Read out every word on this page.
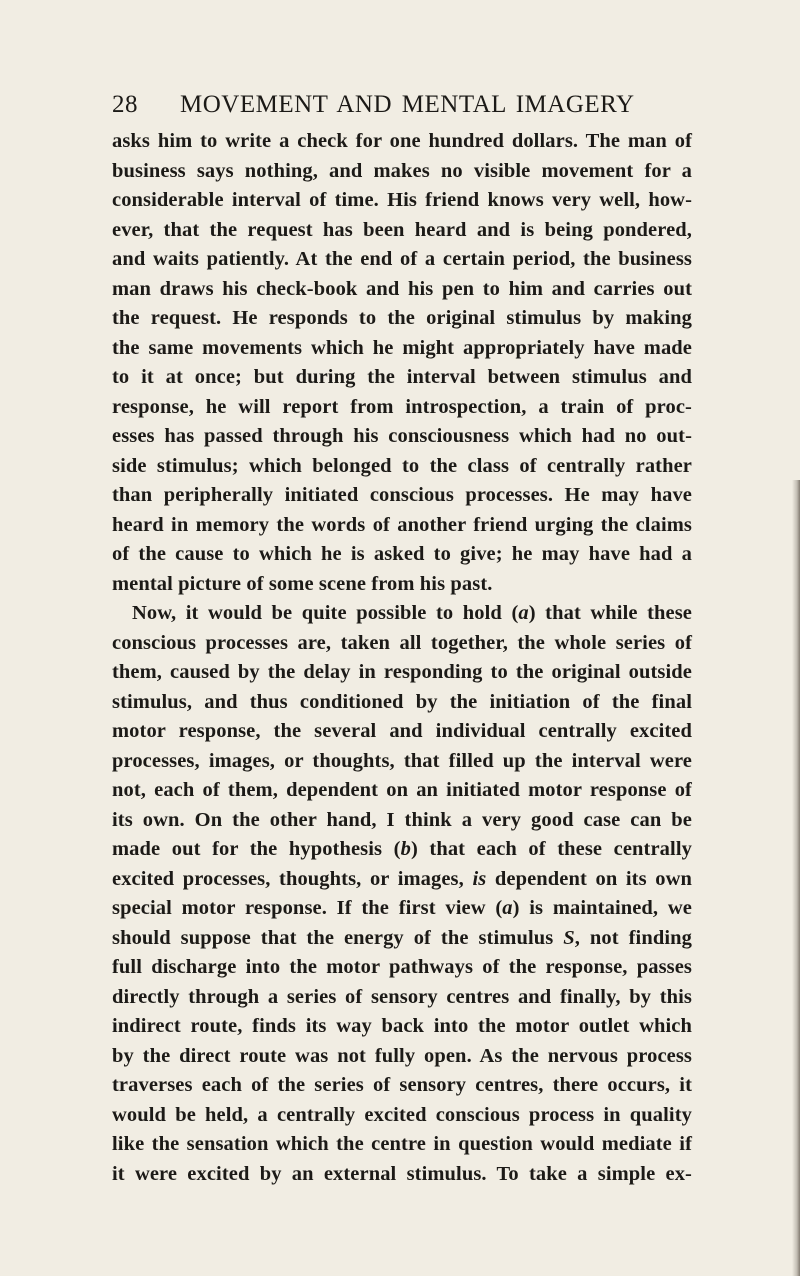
28 MOVEMENT AND MENTAL IMAGERY
asks him to write a check for one hundred dollars. The man of
business says nothing, and makes no visible movement for a
considerable interval of time. His friend knows very well, how-
ever, that the request has been heard and is being pondered,
and waits patiently. At the end of a certain period, the business
man draws his check-book and his pen to him and carries out
the request. He responds to the original stimulus by making
the same movements which he might appropriately have made
to it at once; but during the interval between stimulus and
response, he will report from introspection, a train of proc-
esses has passed through his consciousness which had no out-
side stimulus; which belonged to the class of centrally rather
than peripherally initiated conscious processes. He may have
heard in memory the words of another friend urging the claims
of the cause to which he is asked to give; he may have had a
mental picture of some scene from his past.
Now, it would be quite possible to hold (a) that while these
conscious processes are, taken all together, the whole series of
them, caused by the delay in responding to the original outside
stimulus, and thus conditioned by the initiation of the final
motor response, the several and individual centrally excited
processes, images, or thoughts, that filled up the interval were
not, each of them, dependent on an initiated motor response of
its own. On the other hand, I think a very good case can be
made out for the hypothesis (b) that each of these centrally
excited processes, thoughts, or images, is dependent on its own
special motor response. If the first view (a) is maintained, we
should suppose that the energy of the stimulus S, not finding
full discharge into the motor pathways of the response, passes
directly through a series of sensory centres and finally, by this
indirect route, finds its way back into the motor outlet which
by the direct route was not fully open. As the nervous process
traverses each of the series of sensory centres, there occurs, it
would be held, a centrally excited conscious process in quality
like the sensation which the centre in question would mediate if
it were excited by an external stimulus. To take a simple ex-
